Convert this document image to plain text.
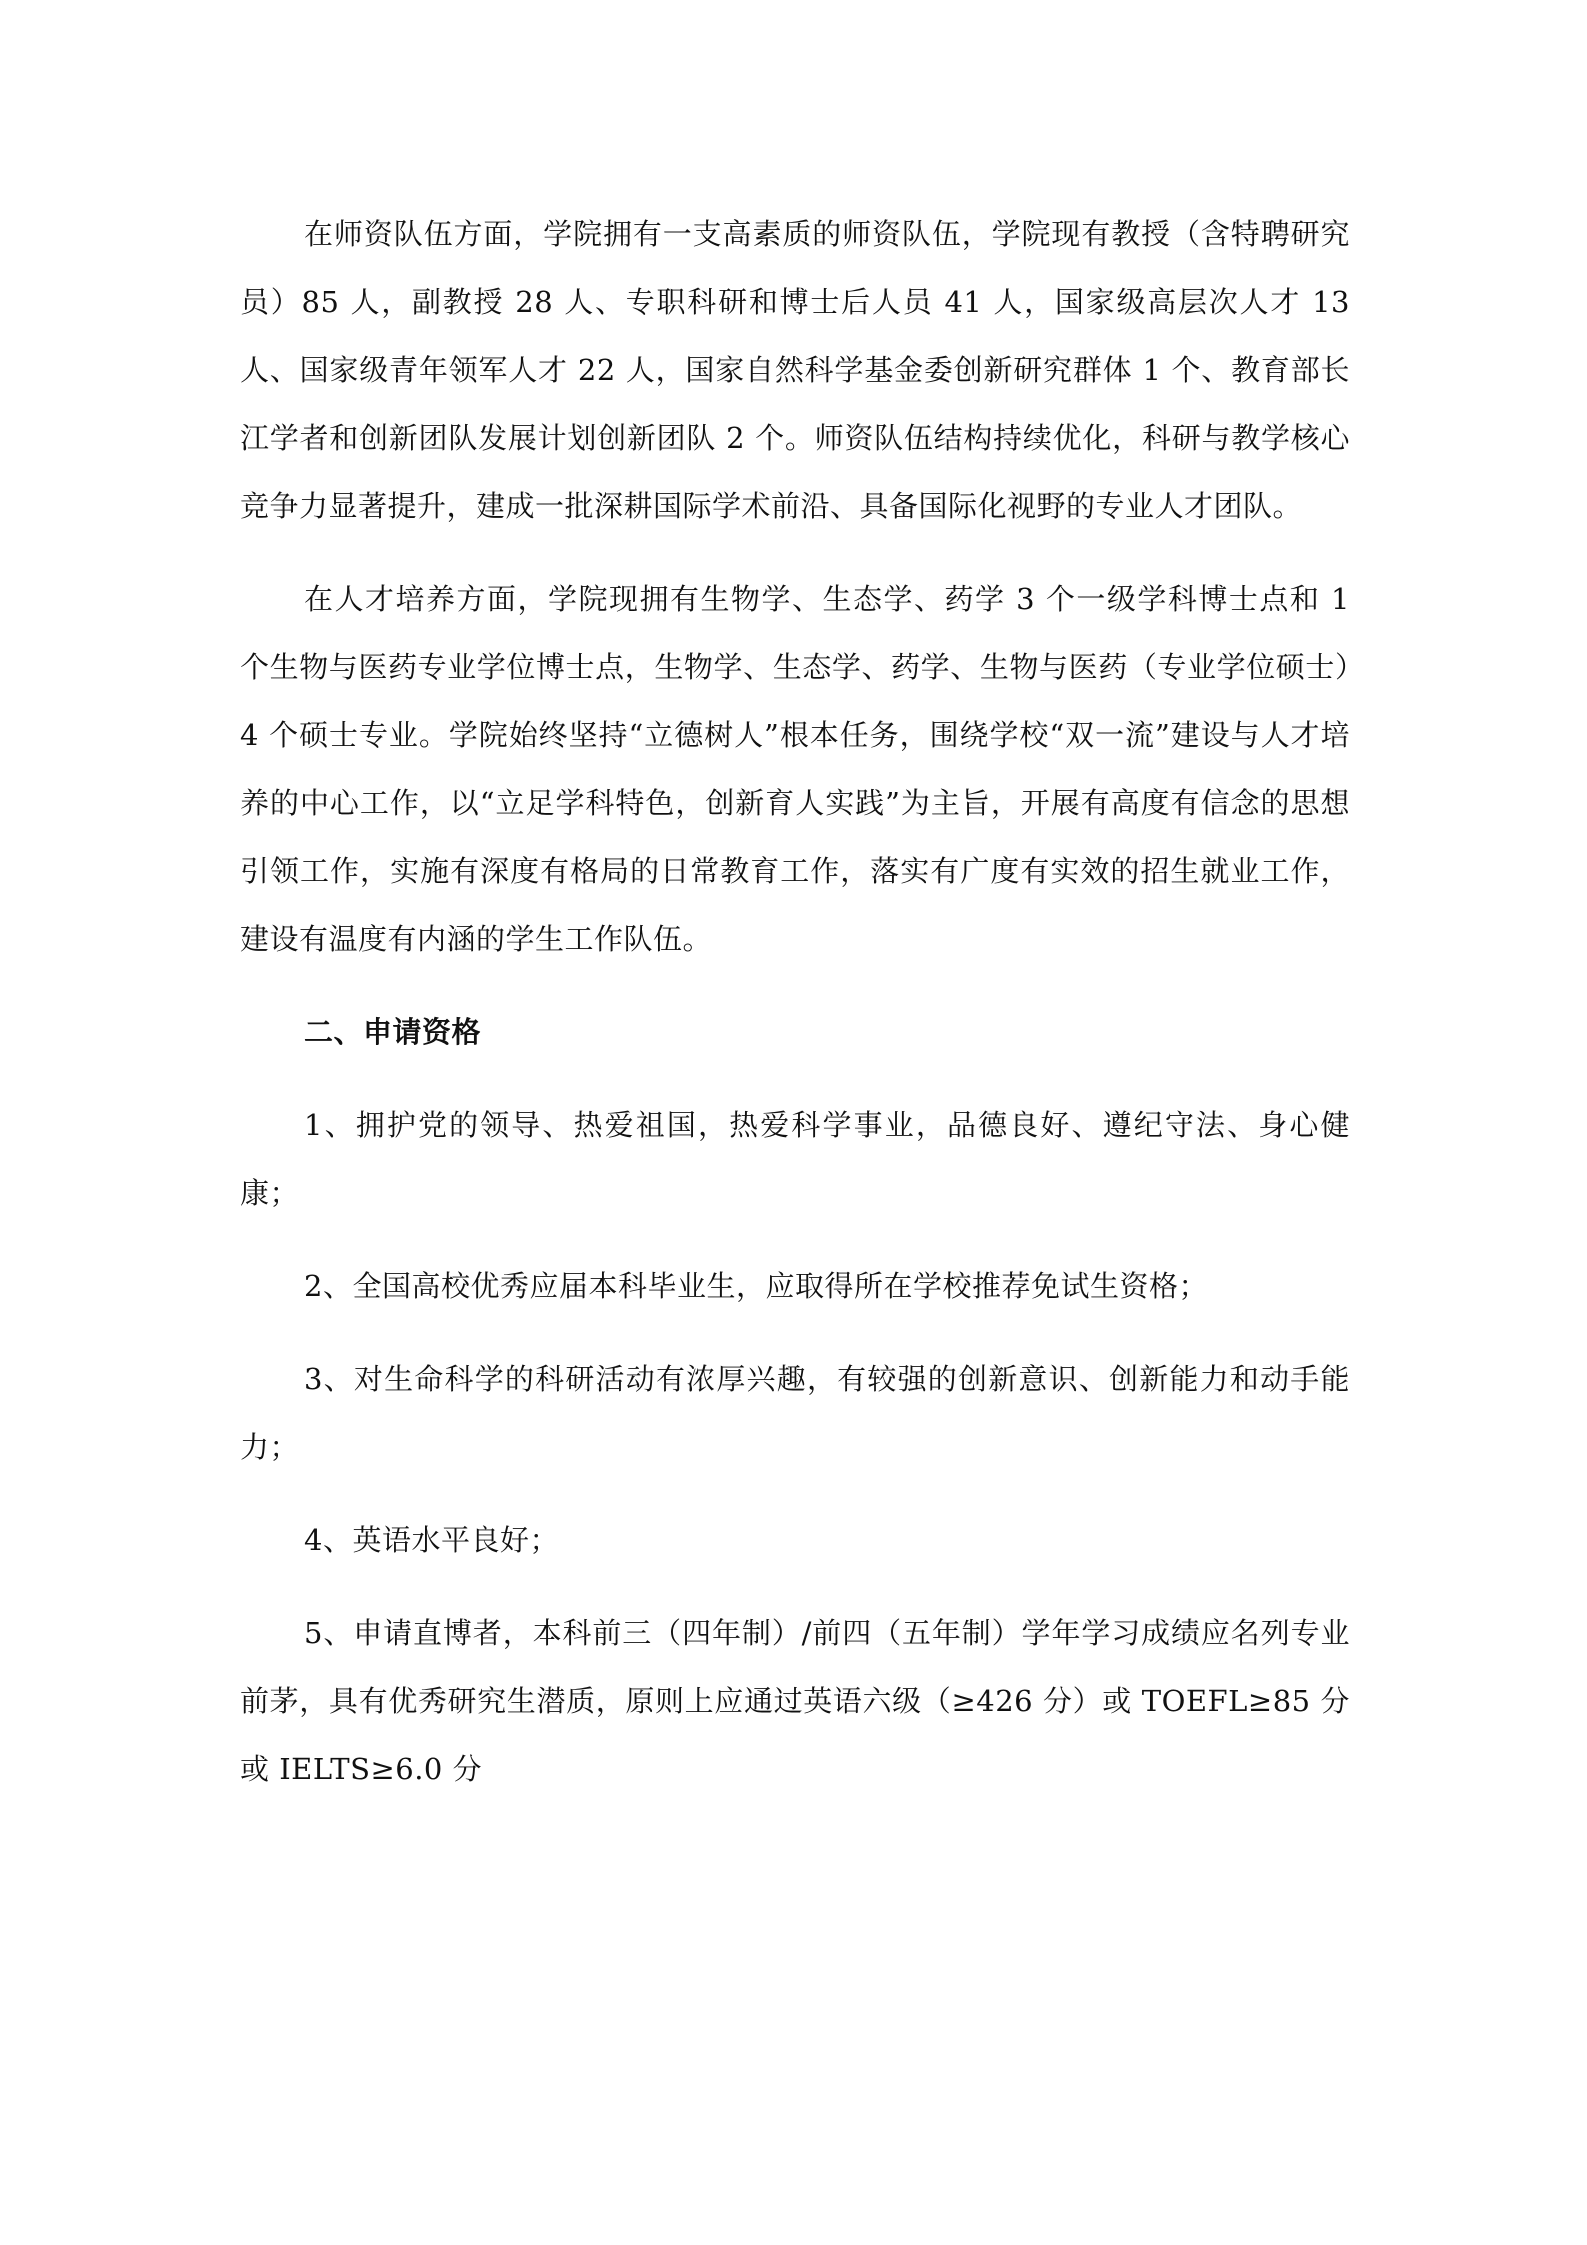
在师资队伍方面，学院拥有一支高素质的师资队伍，学院现有教授（含特聘研究员）85 人，副教授 28 人、专职科研和博士后人员 41 人，国家级高层次人才 13 人、国家级青年领军人才 22 人，国家自然科学基金委创新研究群体 1 个、教育部长江学者和创新团队发展计划创新团队 2 个。师资队伍结构持续优化，科研与教学核心竞争力显著提升，建成一批深耕国际学术前沿、具备国际化视野的专业人才团队。

在人才培养方面，学院现拥有生物学、生态学、药学 3 个一级学科博士点和 1 个生物与医药专业学位博士点，生物学、生态学、药学、生物与医药（专业学位硕士）4 个硕士专业。学院始终坚持“立德树人”根本任务，围绕学校“双一流”建设与人才培养的中心工作，以“立足学科特色，创新育人实践”为主旨，开展有高度有信念的思想引领工作，实施有深度有格局的日常教育工作，落实有广度有实效的招生就业工作，建设有温度有内涵的学生工作队伍。

二、申请资格

1、拥护党的领导、热爱祖国，热爱科学事业，品德良好、遵纪守法、身心健康；

2、全国高校优秀应届本科毕业生，应取得所在学校推荐免试生资格；

3、对生命科学的科研活动有浓厚兴趣，有较强的创新意识、创新能力和动手能力；

4、英语水平良好；

5、申请直博者，本科前三（四年制）/前四（五年制）学年学习成绩应名列专业前茅，具有优秀研究生潜质，原则上应通过英语六级（≥426 分）或 TOEFL≥85 分或 IELTS≥6.0 分
